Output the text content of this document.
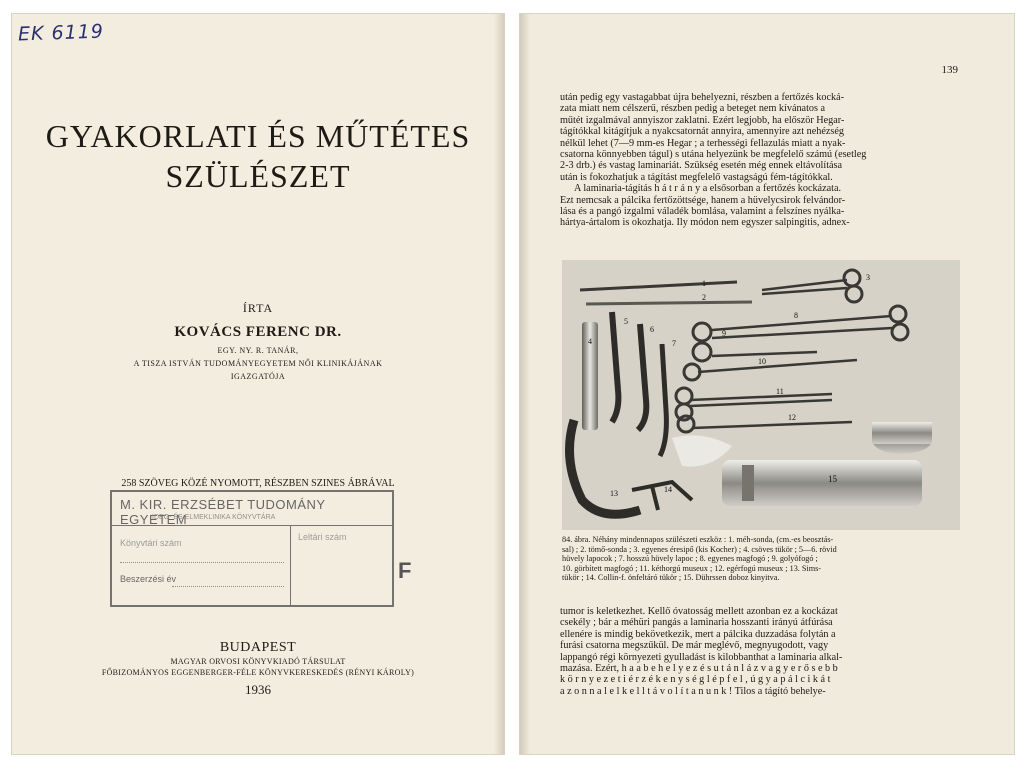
EK 6119
GYAKORLATI ÉS MŰTÉTES
SZÜLÉSZET
ÍRTA
KOVÁCS FERENC DR.
EGY. NY. R. TANÁR,
A TISZA ISTVÁN TUDOMÁNYEGYETEM NŐI KLINIKÁJÁNAK
IGAZGATÓJA
258 SZÖVEG KÖZÉ NYOMOTT, RÉSZBEN SZINES ÁBRÁVAL
M. KIR. ERZSÉBET TUDOMÁNY EGYETEM
IDEG- ÉS ELMEKLINIKA KÖNYVTÁRA
Könyvtári szám
Leltári szám
Beszerzési év	F
BUDAPEST
MAGYAR ORVOSI KÖNYVKIADÓ TÁRSULAT
FŐBIZOMÁNYOS EGGENBERGER-FÉLE KÖNYVKERESKEDÉS (RÉNYI KÁROLY)
1936
139

után pedig egy vastagabbat újra behelyezni, részben a fertőzés kocká-

zata miatt nem célszerű, részben pedig a beteget nem kívánatos a

műtét izgalmával annyiszor zaklatni. Ezért legjobb, ha először Hegar-

tágítókkal kitágítjuk a nyakcsatornát annyira, amennyire azt nehézség

nélkül lehet (7—9 mm-es Hegar ; a terhességi fellazulás miatt a nyak-

csatorna könnyebben tágul) s utána helyezünk be megfelelő számú (esetleg

2-3 drb.) és vastag laminariát. Szükség esetén még ennek eltávolítása

után is fokozhatjuk a tágítást megfelelő vastagságú fém-tágítókkal.

A laminaria-tágítás h á t r á n y a elsősorban a fertőzés kockázata.

Ezt nemcsak a pálcika fertőzöttsége, hanem a hüvelycsirok felvándor-

lása és a pangó izgalmi váladék bomlása, valamint a felszínes nyálka-

hártya-ártalom is okozhatja. Ily módon nem egyszer salpingitis, adnex-

1
2
3
4
5
6
7
8
9
10
11
12
13	14
15

84. ábra. Néhány mindennapos szülészeti eszköz : 1. méh-sonda, (cm.-es beosztás-

sal) ; 2. tömő-sonda ; 3. egyenes éresipő (kis Kocher) ; 4. csöves tükör ; 5—6. rövid

hüvely lapocok ; 7. hosszú hüvely lapoc ; 8. egyenes magfogó ; 9. golyófogó ;

10. görbített magfogó ; 11. kéthorgú museux ; 12. egérfogú museux ; 13. Sims-

tükör ; 14. Collin-f. önfeltáró tükör ; 15. Dührssen doboz kinyitva.

tumor is keletkezhet. Kellő óvatosság mellett azonban ez a kockázat

csekély ; bár a méhüri pangás a laminaria hosszanti irányú átfúrása

ellenére is mindig bekövetkezik, mert a pálcika duzzadása folytán a

furási csatorna megszűkül. De már meglévő, megnyugodott, vagy

lappangó régi környezeti gyulladást is kilobbanthat a laminaria alkal-

mazása. Ezért, h a a b e h e l y e z é s u t á n l á z v a g y e r ő s e b b

k ö r n y e z e t i é r z é k e n y s é g l é p f e l , ú g y a p á l c i k á t

a z o n n a l e l k e l l t á v o l í t a n u n k ! Tilos a tágító behelye-
